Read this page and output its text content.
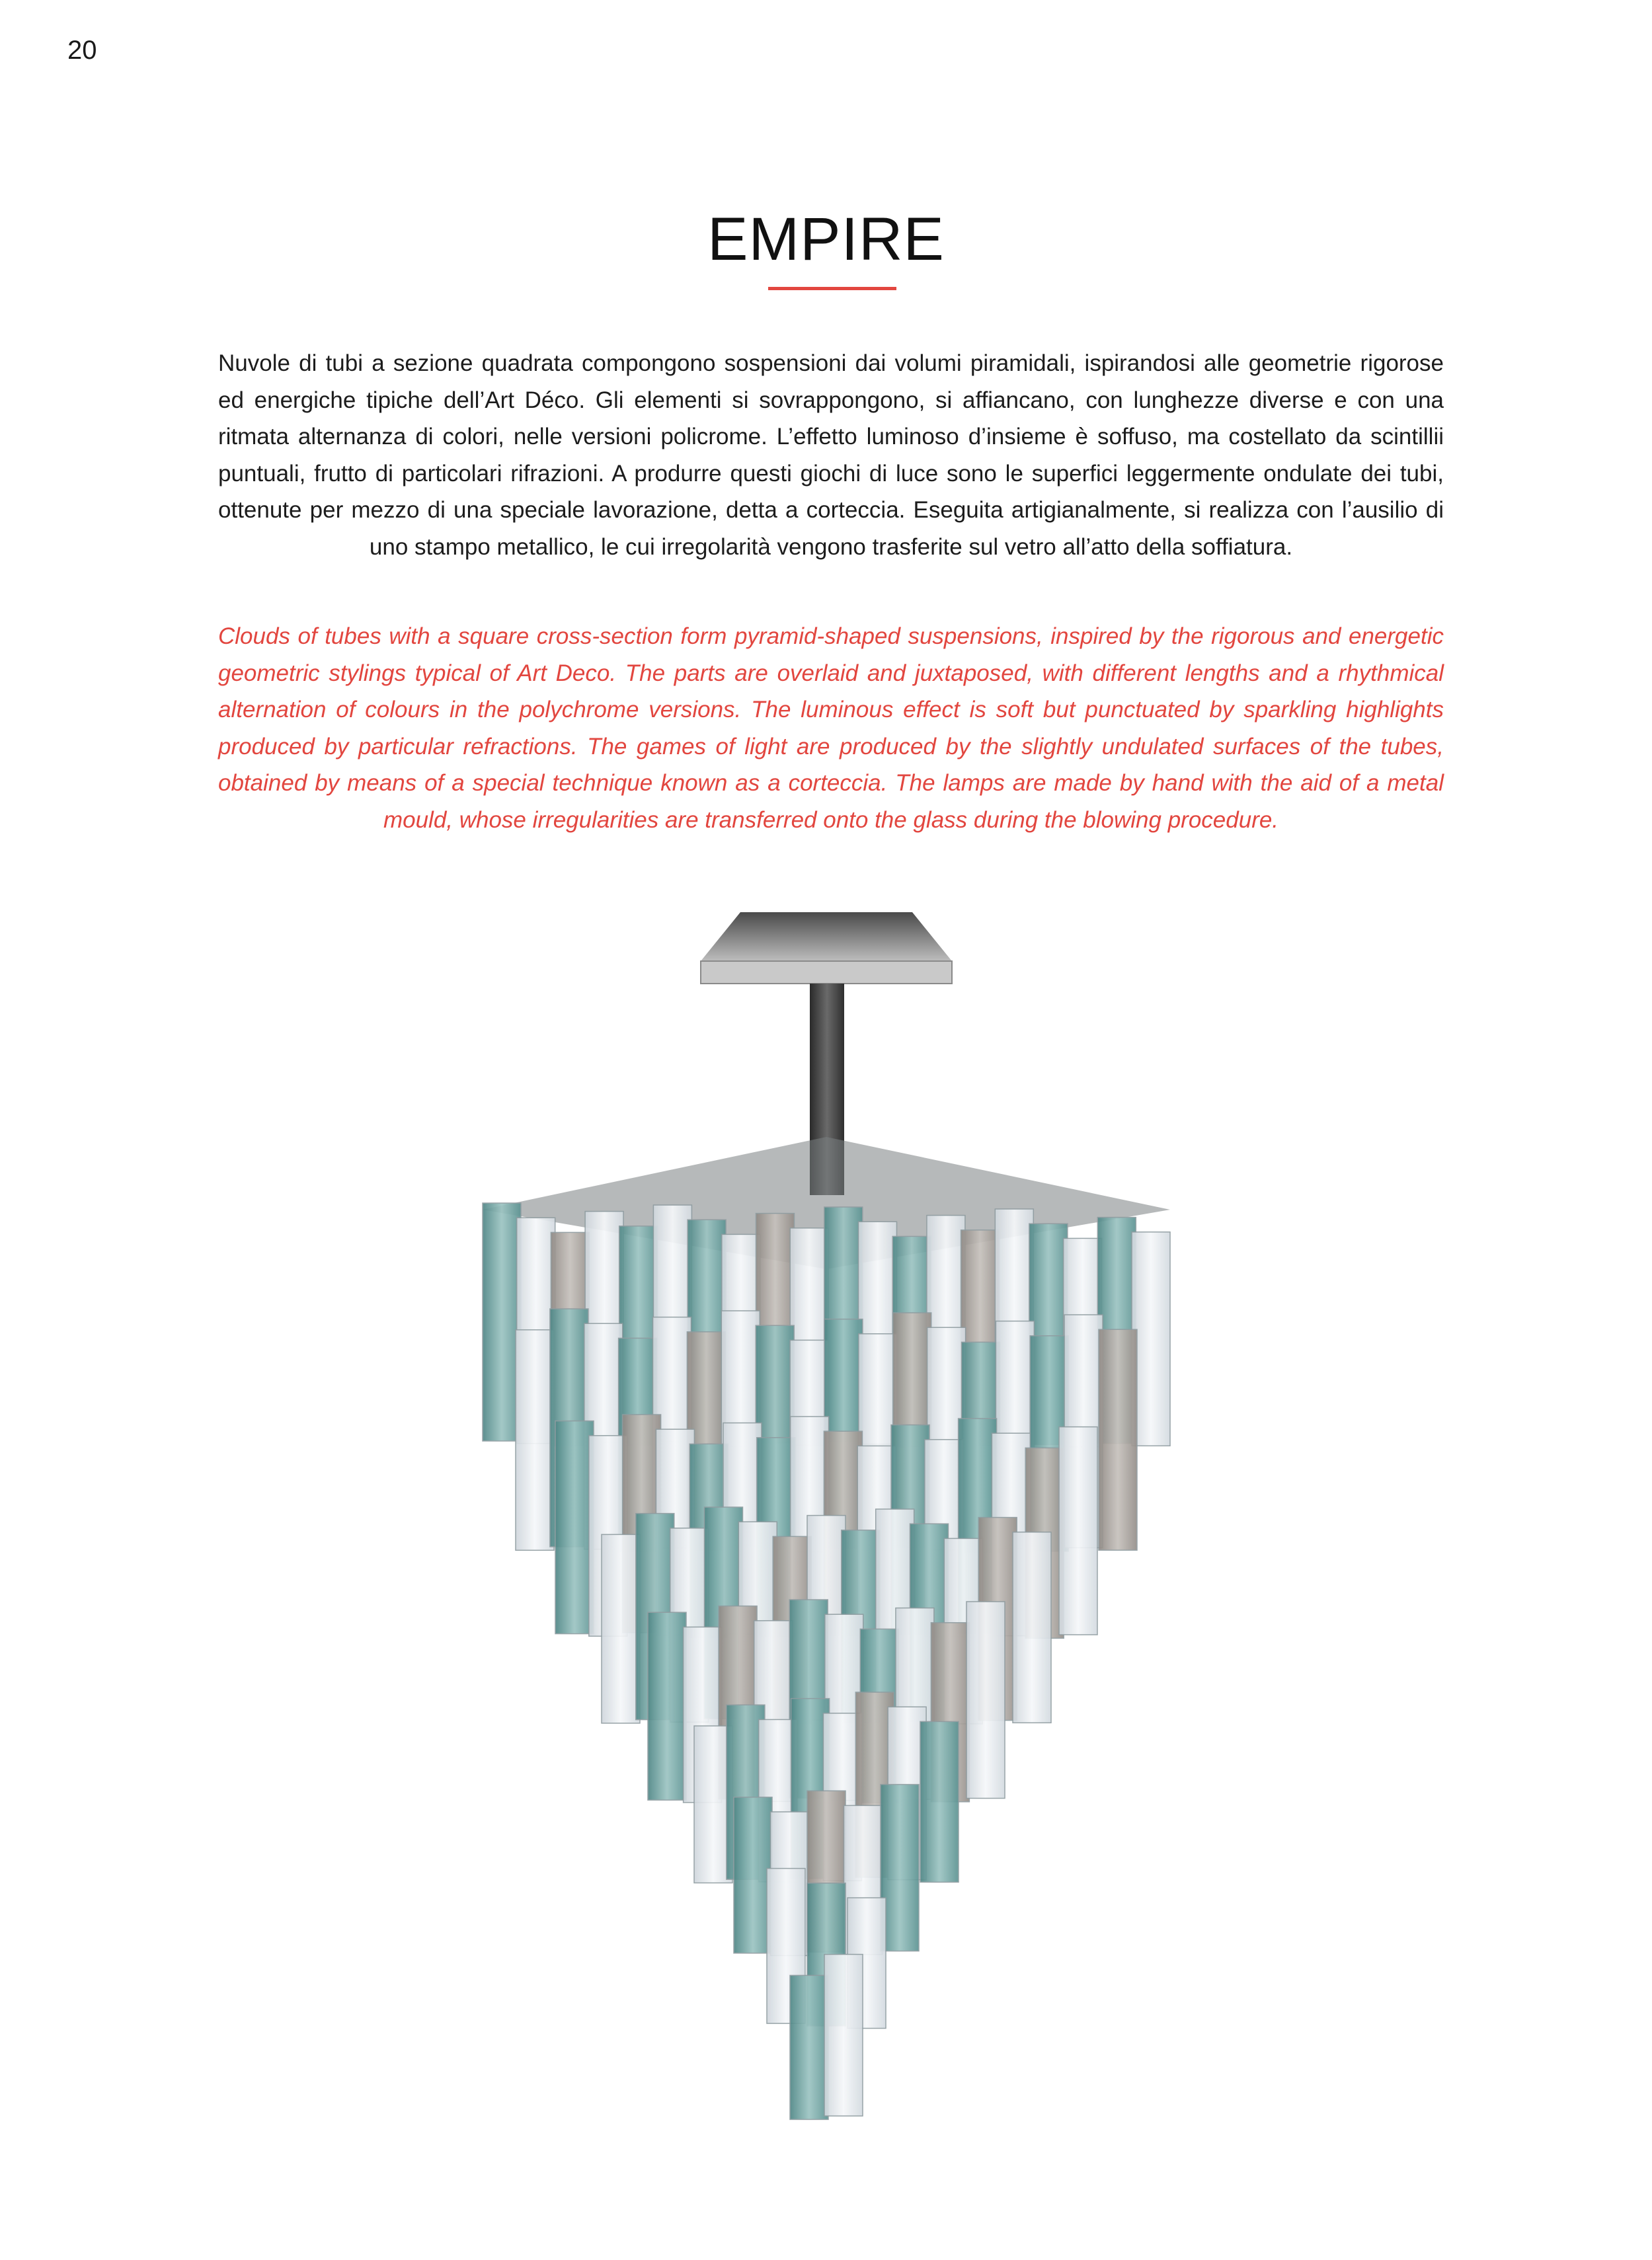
20
EMPIRE

Nuvole di tubi a sezione quadrata compongono sospensioni dai volumi piramidali, ispirandosi alle geometrie rigorose ed energiche tipiche dell’Art Déco. Gli elementi si sovrappongono, si affiancano, con lunghezze diverse e con una ritmata alternanza di colori, nelle versioni policrome. L’effetto luminoso d’insieme è soffuso, ma costellato da scintillii puntuali, frutto di particolari rifrazioni. A produrre questi giochi di luce sono le superfici leggermente ondulate dei tubi, ottenute per mezzo di una speciale lavorazione, detta a corteccia. Eseguita artigianalmente, si realizza con l’ausilio di uno stampo metallico, le cui irregolarità vengono trasferite sul vetro all’atto della soffiatura.

Clouds of tubes with a square cross-section form pyramid-shaped suspensions, inspired by the rigorous and energetic geometric stylings typical of Art Deco. The parts are overlaid and juxtaposed, with different lengths and a rhythmical alternation of colours in the polychrome versions. The luminous effect is soft but punctuated by sparkling highlights produced by particular refractions. The games of light are produced by the slightly undulated surfaces of the tubes, obtained by means of a special technique known as a corteccia. The lamps are made by hand with the aid of a metal mould, whose irregularities are transferred onto the glass during the blowing procedure.
